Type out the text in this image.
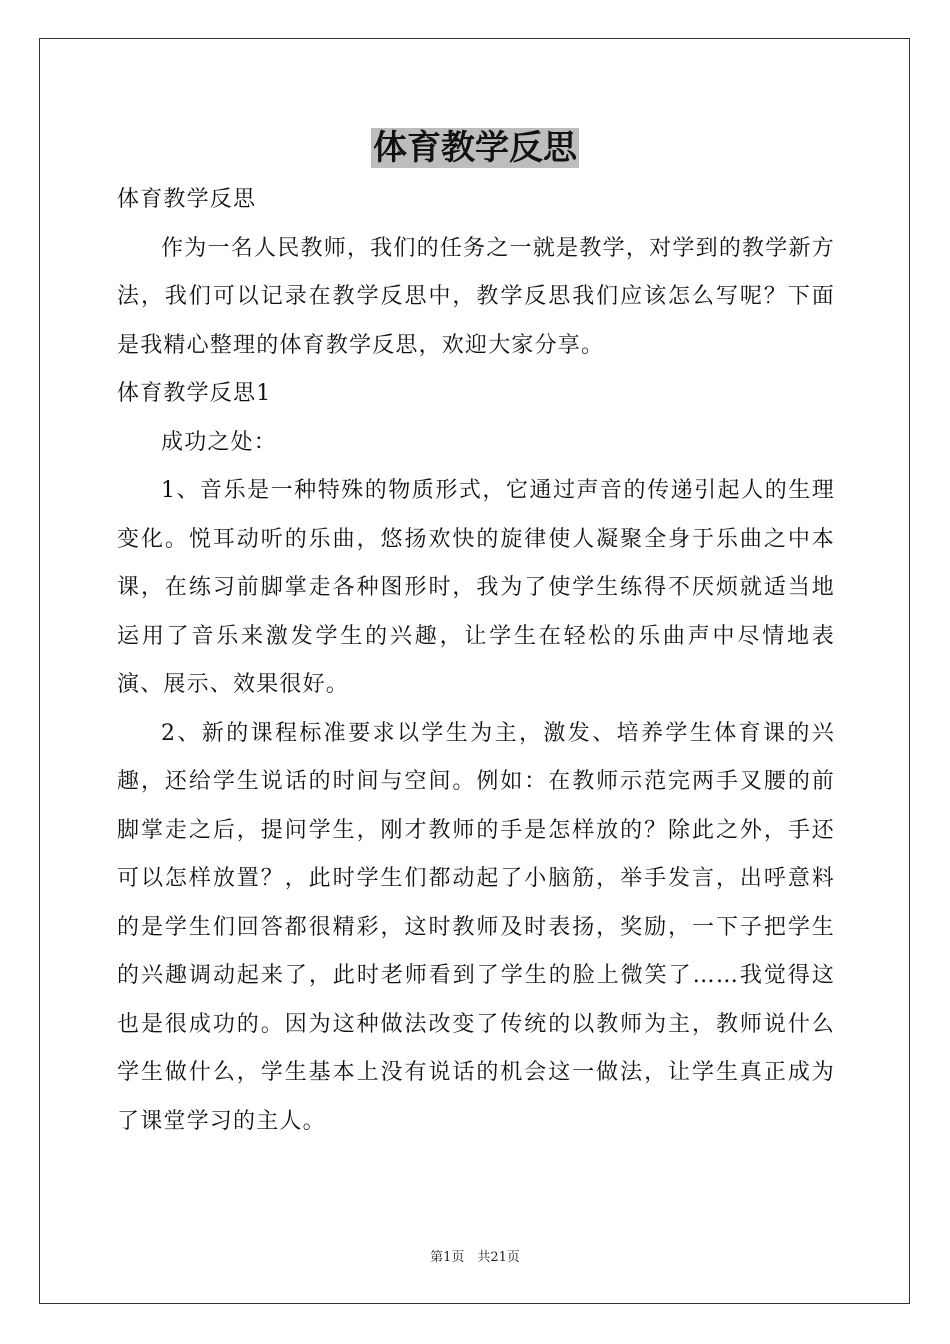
体育教学反思

体育教学反思

作为一名人民教师，我们的任务之一就是教学，对学到的教学新方法，我们可以记录在教学反思中，教学反思我们应该怎么写呢？下面是我精心整理的体育教学反思，欢迎大家分享。

体育教学反思1

成功之处：

1、音乐是一种特殊的物质形式，它通过声音的传递引起人的生理变化。悦耳动听的乐曲，悠扬欢快的旋律使人凝聚全身于乐曲之中本课，在练习前脚掌走各种图形时，我为了使学生练得不厌烦就适当地运用了音乐来激发学生的兴趣，让学生在轻松的乐曲声中尽情地表演、展示、效果很好。

2、新的课程标准要求以学生为主，激发、培养学生体育课的兴趣，还给学生说话的时间与空间。例如：在教师示范完两手叉腰的前脚掌走之后，提问学生，刚才教师的手是怎样放的？除此之外，手还可以怎样放置？，此时学生们都动起了小脑筋，举手发言，出呼意料的是学生们回答都很精彩，这时教师及时表扬，奖励，一下子把学生的兴趣调动起来了，此时老师看到了学生的脸上微笑了……我觉得这也是很成功的。因为这种做法改变了传统的以教师为主，教师说什么学生做什么，学生基本上没有说话的机会这一做法，让学生真正成为了课堂学习的主人。

第1页　共21页
